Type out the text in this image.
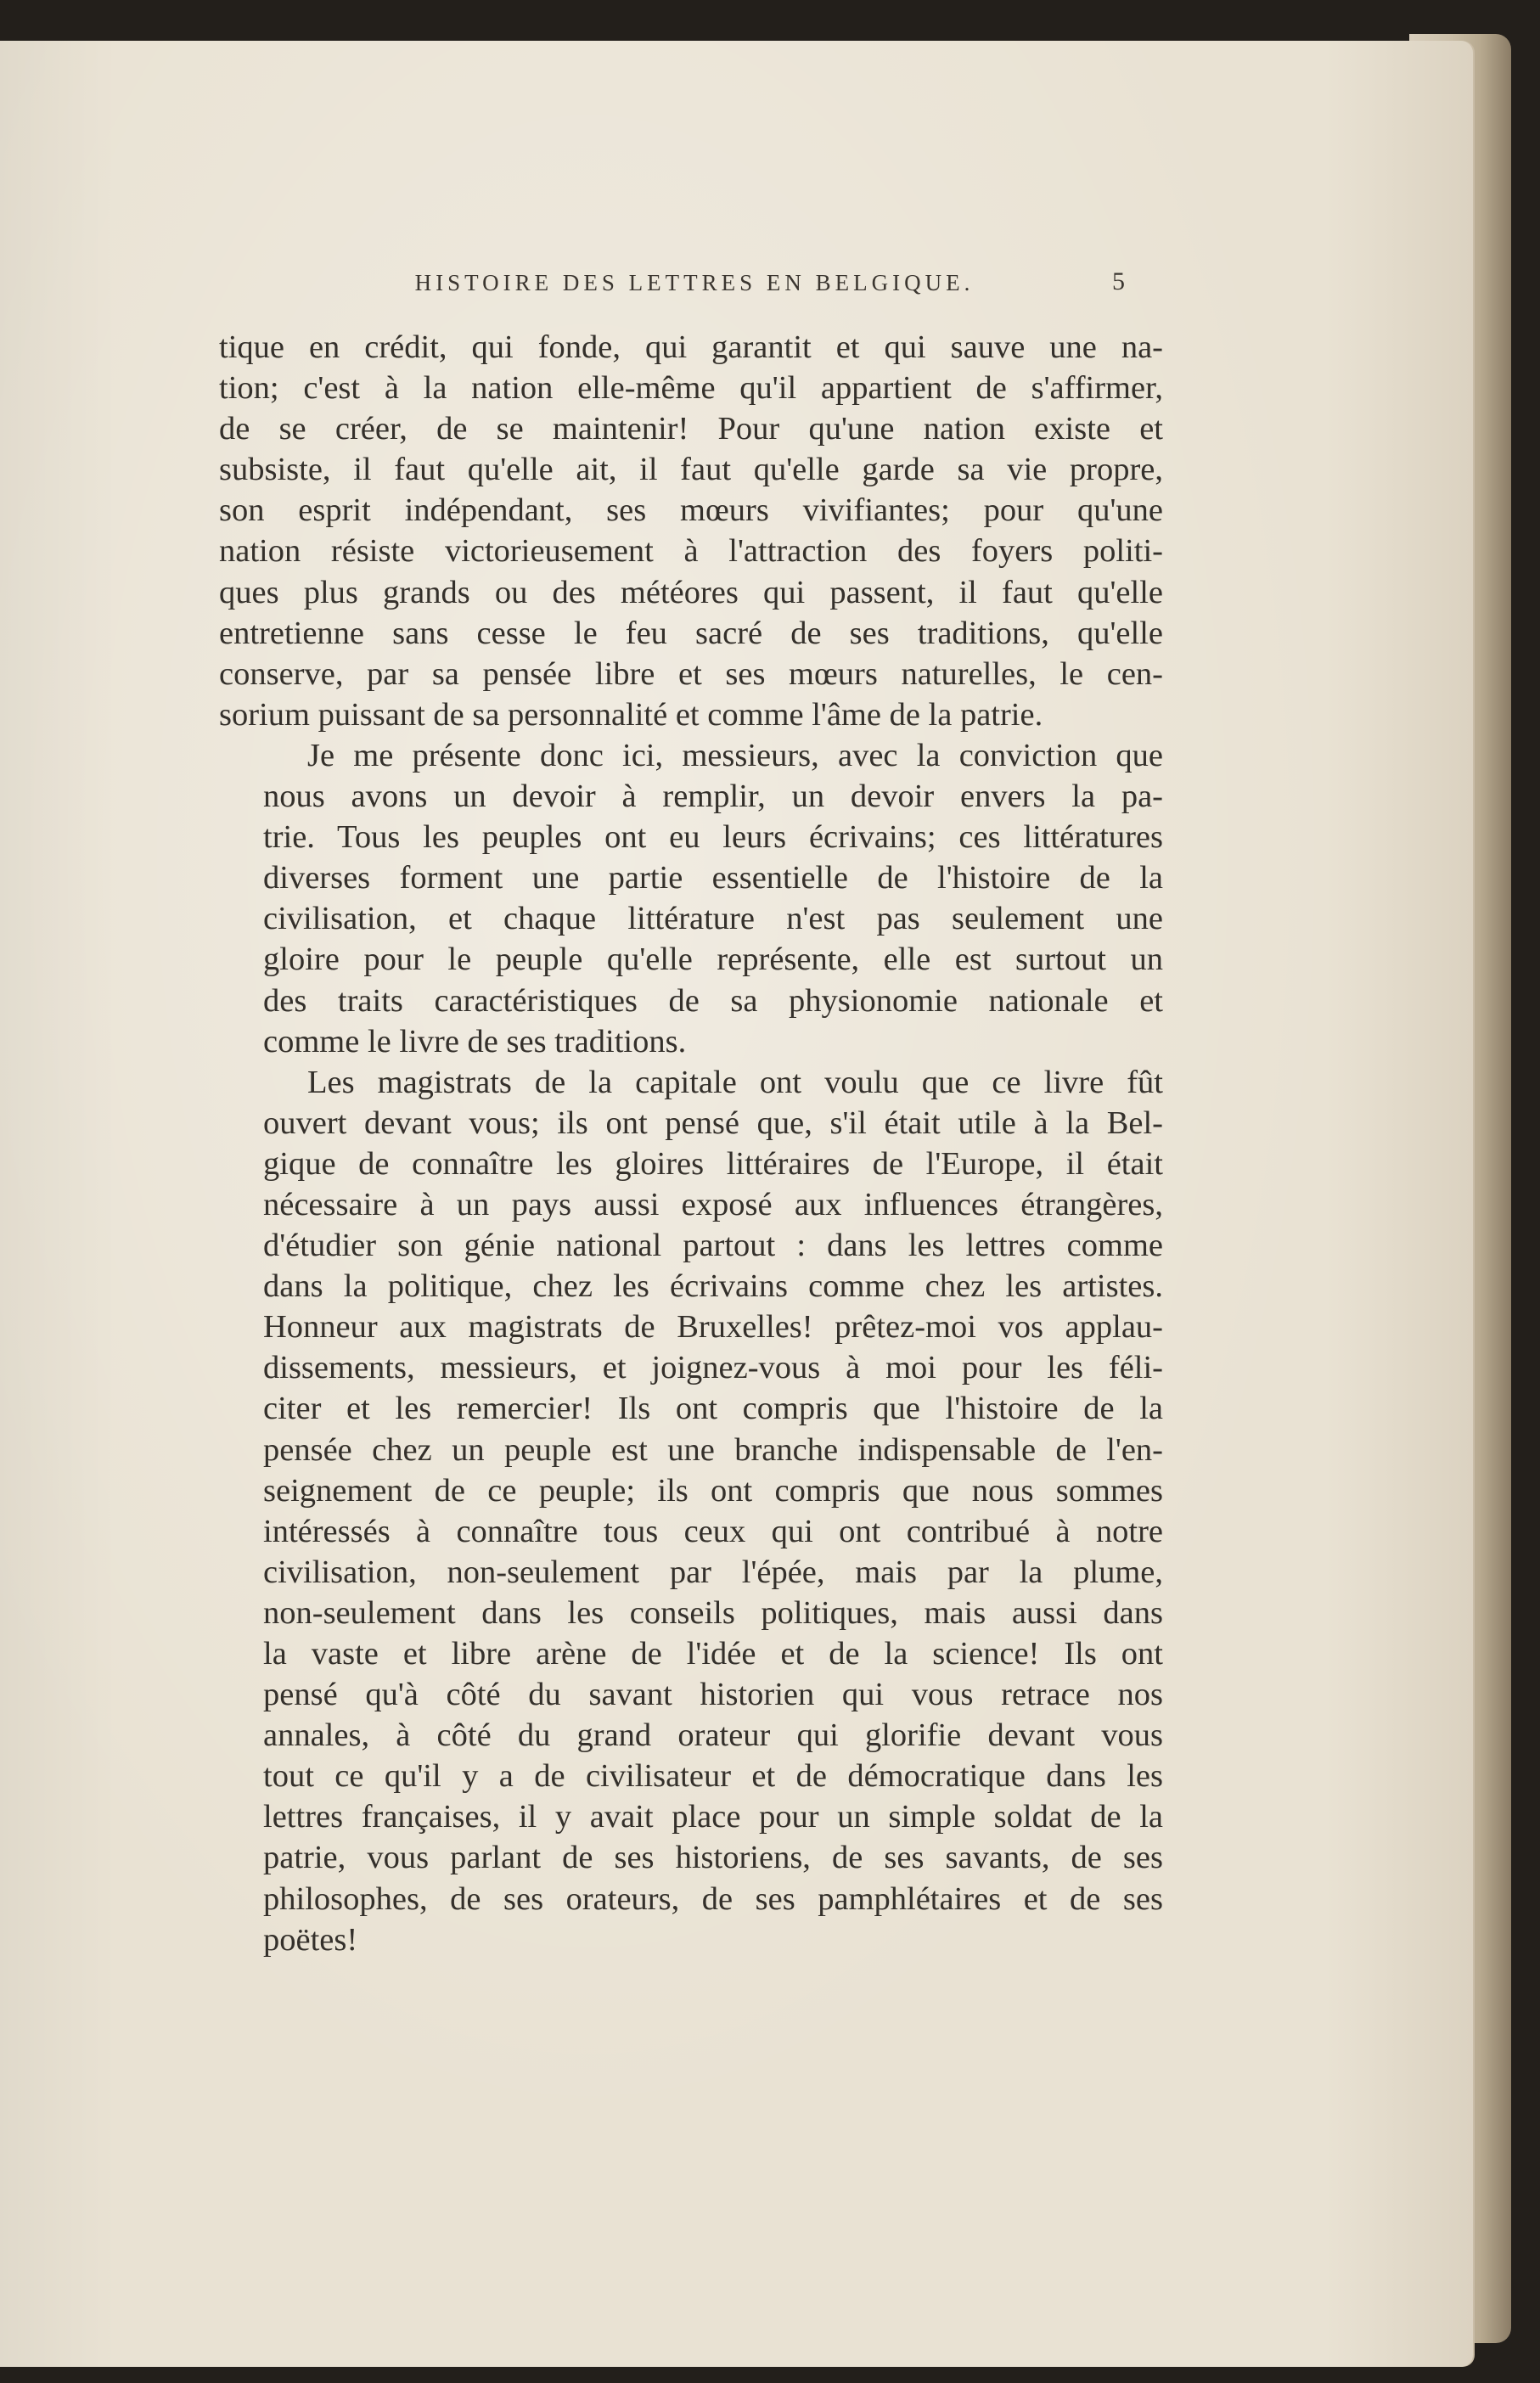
HISTOIRE DES LETTRES EN BELGIQUE.	5
tique en crédit, qui fonde, qui garantit et qui sauve une na-
tion; c'est à la nation elle-même qu'il appartient de s'affirmer,
de se créer, de se maintenir! Pour qu'une nation existe et
subsiste, il faut qu'elle ait, il faut qu'elle garde sa vie propre,
son esprit indépendant, ses mœurs vivifiantes; pour qu'une
nation résiste victorieusement à l'attraction des foyers politi-
ques plus grands ou des météores qui passent, il faut qu'elle
entretienne sans cesse le feu sacré de ses traditions, qu'elle
conserve, par sa pensée libre et ses mœurs naturelles, le cen-
sorium puissant de sa personnalité et comme l'âme de la patrie.
Je me présente donc ici, messieurs, avec la conviction que
nous avons un devoir à remplir, un devoir envers la pa-
trie. Tous les peuples ont eu leurs écrivains; ces littératures
diverses forment une partie essentielle de l'histoire de la
civilisation, et chaque littérature n'est pas seulement une
gloire pour le peuple qu'elle représente, elle est surtout un
des traits caractéristiques de sa physionomie nationale et
comme le livre de ses traditions.
Les magistrats de la capitale ont voulu que ce livre fût
ouvert devant vous; ils ont pensé que, s'il était utile à la Bel-
gique de connaître les gloires littéraires de l'Europe, il était
nécessaire à un pays aussi exposé aux influences étrangères,
d'étudier son génie national partout : dans les lettres comme
dans la politique, chez les écrivains comme chez les artistes.
Honneur aux magistrats de Bruxelles! prêtez-moi vos applau-
dissements, messieurs, et joignez-vous à moi pour les féli-
citer et les remercier! Ils ont compris que l'histoire de la
pensée chez un peuple est une branche indispensable de l'en-
seignement de ce peuple; ils ont compris que nous sommes
intéressés à connaître tous ceux qui ont contribué à notre
civilisation, non-seulement par l'épée, mais par la plume,
non-seulement dans les conseils politiques, mais aussi dans
la vaste et libre arène de l'idée et de la science! Ils ont
pensé qu'à côté du savant historien qui vous retrace nos
annales, à côté du grand orateur qui glorifie devant vous
tout ce qu'il y a de civilisateur et de démocratique dans les
lettres françaises, il y avait place pour un simple soldat de la
patrie, vous parlant de ses historiens, de ses savants, de ses
philosophes, de ses orateurs, de ses pamphlétaires et de ses
poëtes!
